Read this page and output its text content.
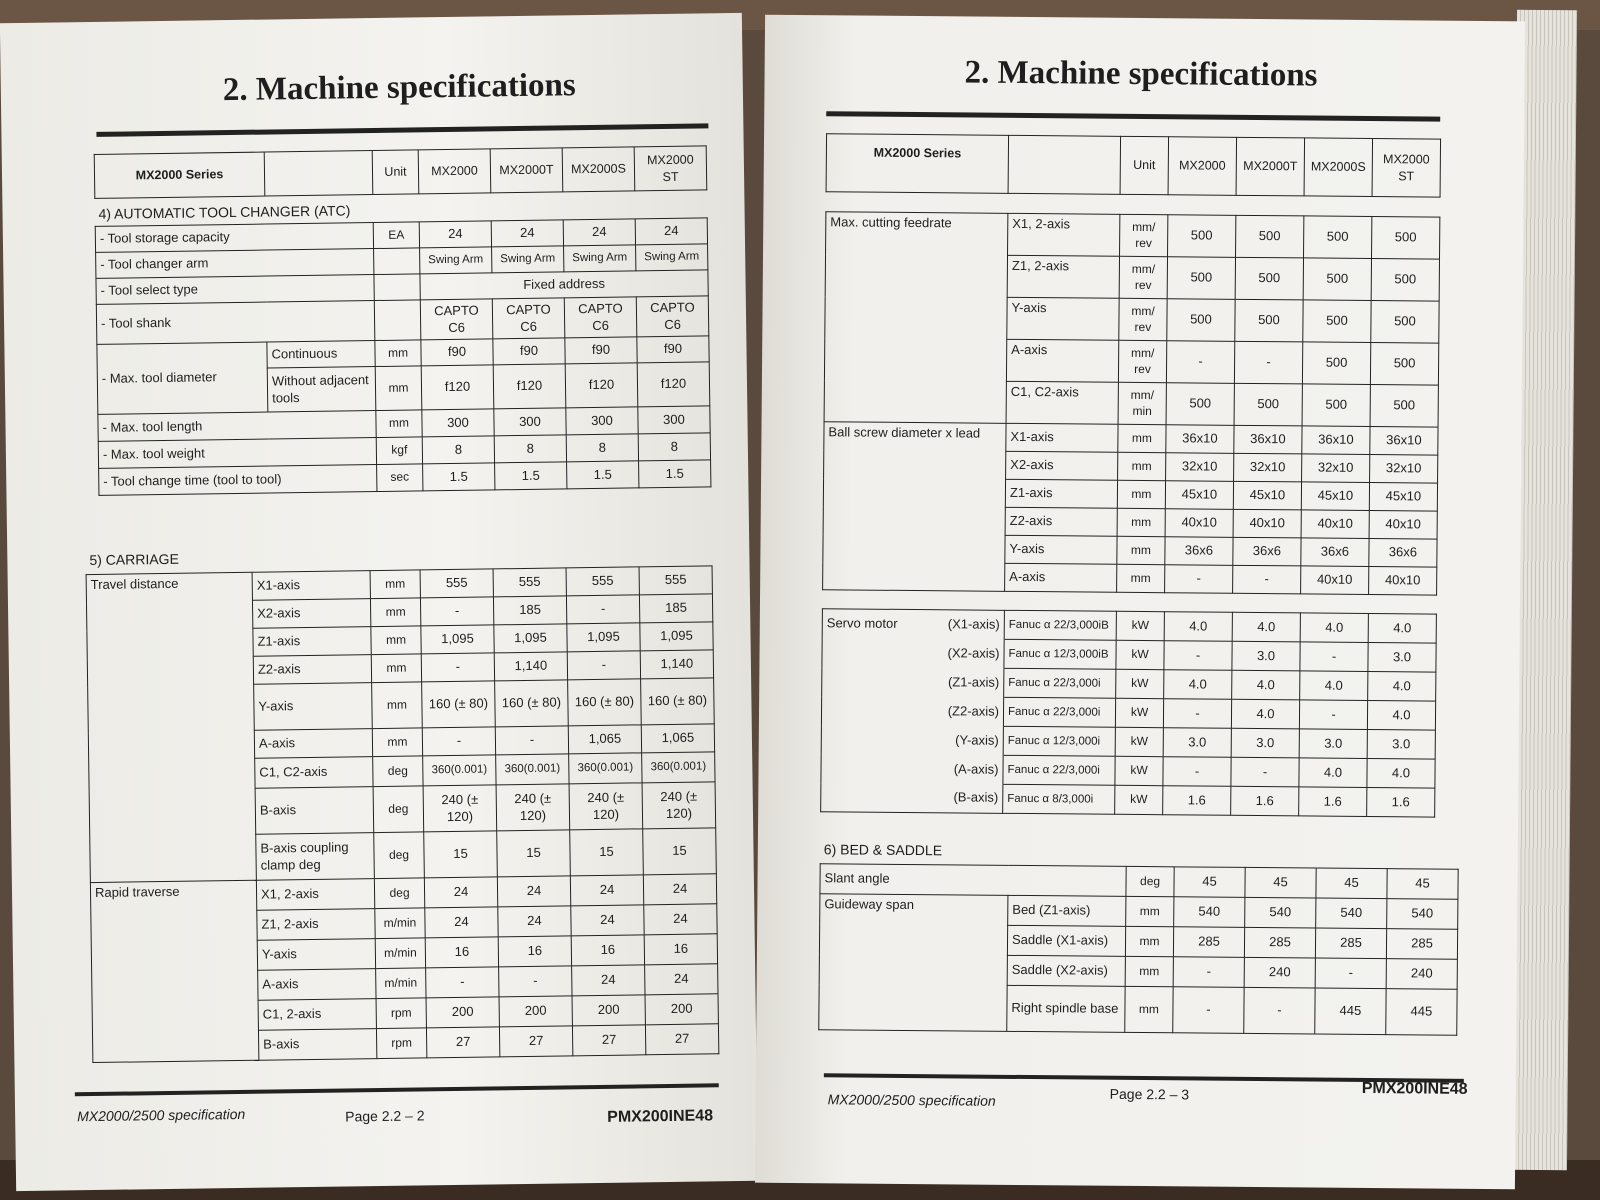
2. Machine specifications
MX2000 Series		Unit	MX2000	MX2000T	MX2000S	MX2000 ST
4) AUTOMATIC TOOL CHANGER (ATC)
- Tool storage capacity		EA	24	24	24	24
- Tool changer arm			Swing Arm	Swing Arm	Swing Arm	Swing Arm
- Tool select type			Fixed address			
- Tool shank			CAPTO C6	CAPTO C6	CAPTO C6	CAPTO C6
- Max. tool diameter	Continuous	mm	f90	f90	f90	f90
	Without adjacent tools	mm	f120	f120	f120	f120
- Max. tool length		mm	300	300	300	300
- Max. tool weight		kgf	8	8	8	8
- Tool change time (tool to tool)		sec	1.5	1.5	1.5	1.5
5) CARRIAGE
Travel distance	X1-axis	mm	555	555	555	555
	X2-axis	mm	-	185	-	185
	Z1-axis	mm	1,095	1,095	1,095	1,095
	Z2-axis	mm	-	1,140	-	1,140
	Y-axis	mm	160 (± 80)	160 (± 80)	160 (± 80)	160 (± 80)
	A-axis	mm	-	-	1,065	1,065
	C1, C2-axis	deg	360(0.001)	360(0.001)	360(0.001)	360(0.001)
	B-axis	deg	240 (± 120)	240 (± 120)	240 (± 120)	240 (± 120)
	B-axis coupling clamp deg	deg	15	15	15	15
Rapid traverse	X1, 2-axis	deg	24	24	24	24
	Z1, 2-axis	m/min	24	24	24	24
	Y-axis	m/min	16	16	16	16
	A-axis	m/min	-	-	24	24
	C1, 2-axis	rpm	200	200	200	200
	B-axis	rpm	27	27	27	27
MX2000/2500 specification	Page 2.2 – 2	PMX200INE48
2. Machine specifications
MX2000 Series		Unit	MX2000	MX2000T	MX2000S	MX2000 ST
Max. cutting feedrate	X1, 2-axis	mm/ rev	500	500	500	500
	Z1, 2-axis	mm/ rev	500	500	500	500
	Y-axis	mm/ rev	500	500	500	500
	A-axis	mm/ rev	-	-	500	500
	C1, C2-axis	mm/ min	500	500	500	500
Ball screw diameter x lead	X1-axis	mm	36x10	36x10	36x10	36x10
	X2-axis	mm	32x10	32x10	32x10	32x10
	Z1-axis	mm	45x10	45x10	45x10	45x10
	Z2-axis	mm	40x10	40x10	40x10	40x10
	Y-axis	mm	36x6	36x6	36x6	36x6
	A-axis	mm	-	-	40x10	40x10
Servo motor (X1-axis)	Fanuc α 22/3,000iB	kW	4.0	4.0	4.0	4.0
(X2-axis)	Fanuc α 12/3,000iB	kW	-	3.0	-	3.0
(Z1-axis)	Fanuc α 22/3,000i	kW	4.0	4.0	4.0	4.0
(Z2-axis)	Fanuc α 22/3,000i	kW	-	4.0	-	4.0
(Y-axis)	Fanuc α 12/3,000i	kW	3.0	3.0	3.0	3.0
(A-axis)	Fanuc α 22/3,000i	kW	-	-	4.0	4.0
(B-axis)	Fanuc α 8/3,000i	kW	1.6	1.6	1.6	1.6
6) BED & SADDLE
Slant angle		deg	45	45	45	45
Guideway span	Bed (Z1-axis)	mm	540	540	540	540
	Saddle (X1-axis)	mm	285	285	285	285
	Saddle (X2-axis)	mm	-	240	-	240
	Right spindle base	mm	-	-	445	445
MX2000/2500 specification	Page 2.2 – 3	PMX200INE48
